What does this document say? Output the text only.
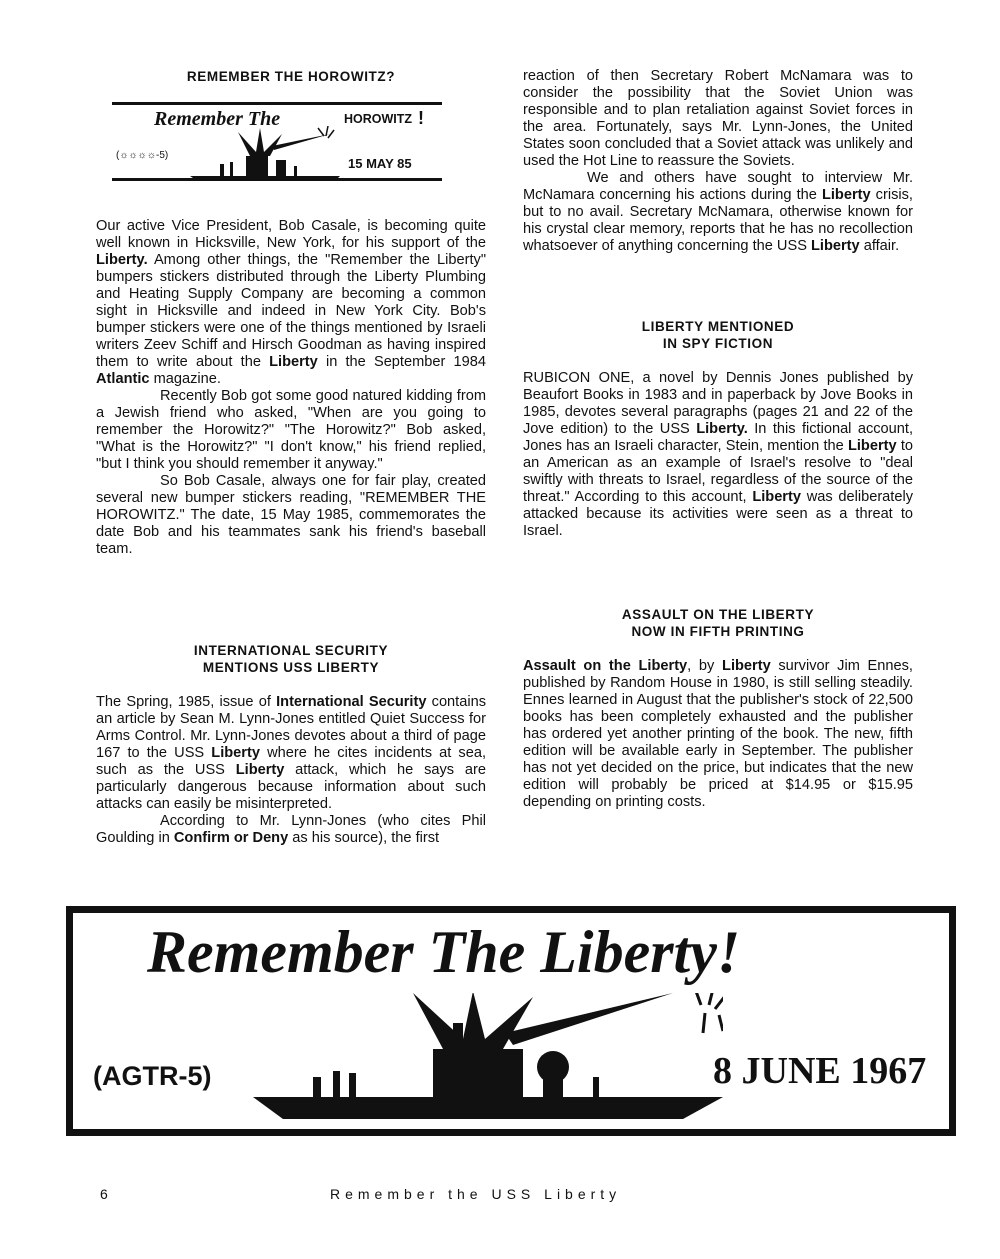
REMEMBER THE HOROWITZ?

Remember The	HOROWITZ !
(☼☼☼☼-5)
15 MAY 85

Our active Vice President, Bob Casale, is becoming quite well known in Hicksville, New York, for his support of the Liberty. Among other things, the "Remember the Liberty" bumpers stickers distributed through the Liberty Plumbing and Heating Supply Company are becoming a common sight in Hicksville and indeed in New York City. Bob's bumper stickers were one of the things mentioned by Israeli writers Zeev Schiff and Hirsch Goodman as having inspired them to write about the Liberty in the September 1984 Atlantic magazine.

Recently Bob got some good natured kidding from a Jewish friend who asked, "When are you going to remember the Horowitz?" "The Horowitz?" Bob asked, "What is the Horowitz?" "I don't know," his friend replied, "but I think you should remember it anyway."

So Bob Casale, always one for fair play, created several new bumper stickers reading, "REMEMBER THE HOROWITZ." The date, 15 May 1985, commemorates the date Bob and his teammates sank his friend's baseball team.

INTERNATIONAL SECURITY

MENTIONS USS LIBERTY

The Spring, 1985, issue of International Security contains an article by Sean M. Lynn-Jones entitled Quiet Success for Arms Control. Mr. Lynn-Jones devotes about a third of page 167 to the USS Liberty where he cites incidents at sea, such as the USS Liberty attack, which he says are particularly dangerous because information about such attacks can easily be misinterpreted.

According to Mr. Lynn-Jones (who cites Phil Goulding in Confirm or Deny as his source), the first

reaction of then Secretary Robert McNamara was to consider the possibility that the Soviet Union was responsible and to plan retaliation against Soviet forces in the area. Fortunately, says Mr. Lynn-Jones, the United States soon concluded that a Soviet attack was unlikely and used the Hot Line to reassure the Soviets.

We and others have sought to interview Mr. McNamara concerning his actions during the Liberty crisis, but to no avail. Secretary McNamara, otherwise known for his crystal clear memory, reports that he has no recollection whatsoever of anything concerning the USS Liberty affair.

LIBERTY MENTIONED

IN SPY FICTION

RUBICON ONE, a novel by Dennis Jones published by Beaufort Books in 1983 and in paperback by Jove Books in 1985, devotes several paragraphs (pages 21 and 22 of the Jove edition) to the USS Liberty. In this fictional account, Jones has an Israeli character, Stein, mention the Liberty to an American as an example of Israel's resolve to "deal swiftly with threats to Israel, regardless of the source of the threat." According to this account, Liberty was deliberately attacked because its activities were seen as a threat to Israel.

ASSAULT ON THE LIBERTY

NOW IN FIFTH PRINTING

Assault on the Liberty, by Liberty survivor Jim Ennes, published by Random House in 1980, is still selling steadily. Ennes learned in August that the publisher's stock of 22,500 books has been completely exhausted and the publisher has ordered yet another printing of the book. The new, fifth edition will be available early in September. The publisher has not yet decided on the price, but indicates that the new edition will probably be priced at $14.95 or $15.95 depending on printing costs.

Remember The Liberty!
(AGTR-5)	8 JUNE 1967
6	Remember the USS Liberty
